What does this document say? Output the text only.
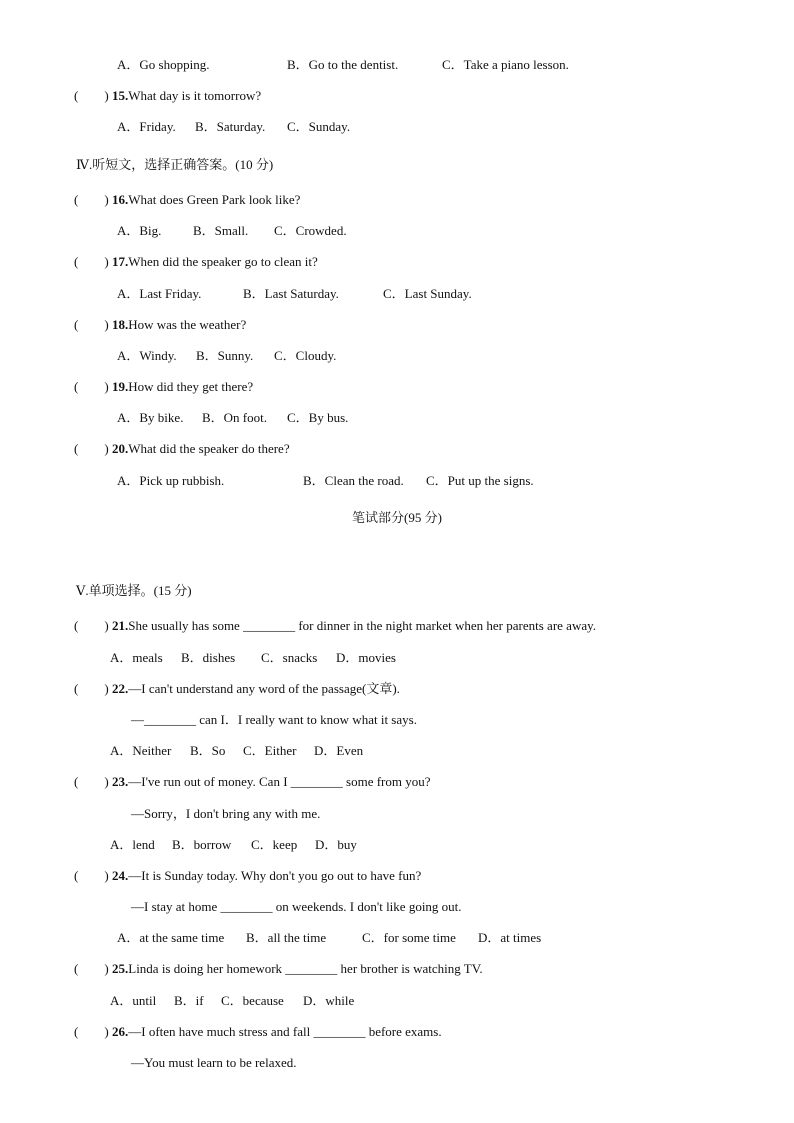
A．Go shopping.	B．Go to the dentist.	C．Take a piano lesson.
(　　) 15.What day is it tomorrow?
A．Friday. B．Saturday. C．Sunday.
Ⅳ.听短文，选择正确答案。(10 分)
(　　) 16.What does Green Park look like?
A．Big. B．Small. C．Crowded.
(　　) 17.When did the speaker go to clean it?
A．Last Friday.	B．Last Saturday.	C．Last Sunday.
(　　) 18.How was the weather?
A．Windy. B．Sunny. C．Cloudy.
(　　) 19.How did they get there?
A．By bike. B．On foot. C．By bus.
(　　) 20.What did the speaker do there?
A．Pick up rubbish.	B．Clean the road. C．Put up the signs.
笔试部分(95 分)
Ⅴ.单项选择。(15 分)
(　　) 21.She usually has some ________ for dinner in the night market when her parents are away.
A．meals B．dishes C．snacks D．movies
(　　) 22.—I can't understand any word of the passage(文章).
—________ can I．I really want to know what it says.
A．Neither B．So C．Either D．Even
(　　) 23.—I've run out of money. Can I ________ some from you?
—Sorry，I don't bring any with me.
A．lend B．borrow C．keep D．buy
(　　) 24.—It is Sunday today. Why don't you go out to have fun?
—I stay at home ________ on weekends. I don't like going out.
A．at the same time B．all the time	C．for some time D．at times
(　　) 25.Linda is doing her homework ________ her brother is watching TV.
A．until B．if C．because D．while
(　　) 26.—I often have much stress and fall ________ before exams.
—You must learn to be relaxed.
